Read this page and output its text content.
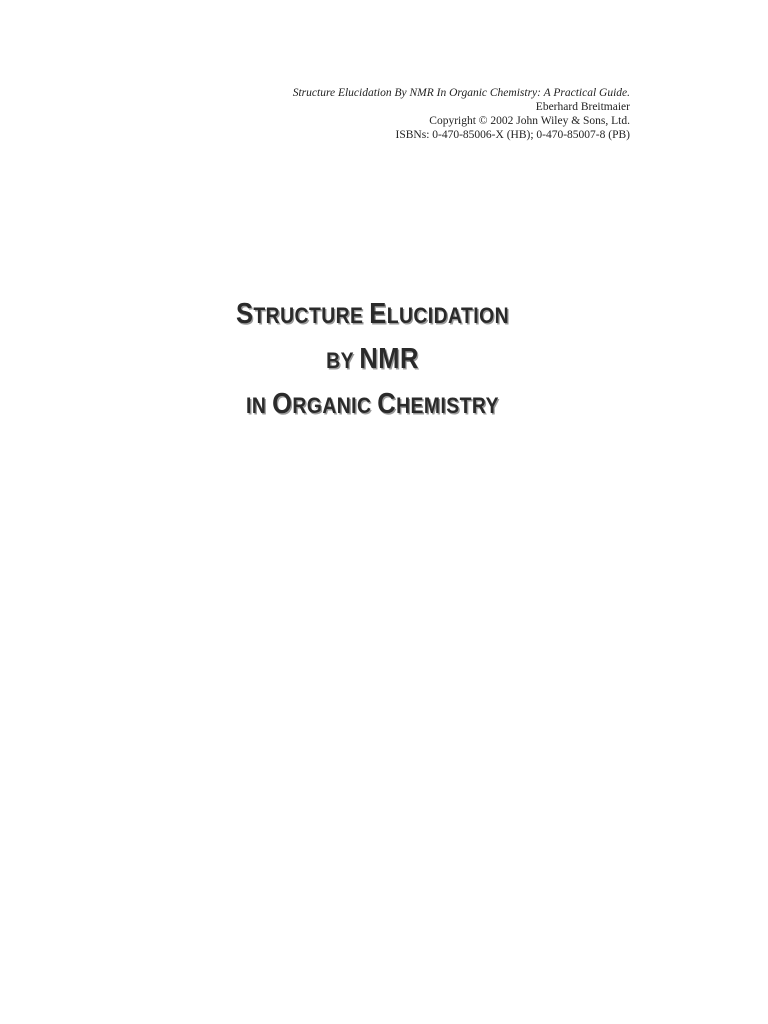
Structure Elucidation By NMR In Organic Chemistry: A Practical Guide.
Eberhard Breitmaier
Copyright © 2002 John Wiley & Sons, Ltd.
ISBNs: 0-470-85006-X (HB); 0-470-85007-8 (PB)
STRUCTURE ELUCIDATION
BY NMR
IN ORGANIC CHEMISTRY
